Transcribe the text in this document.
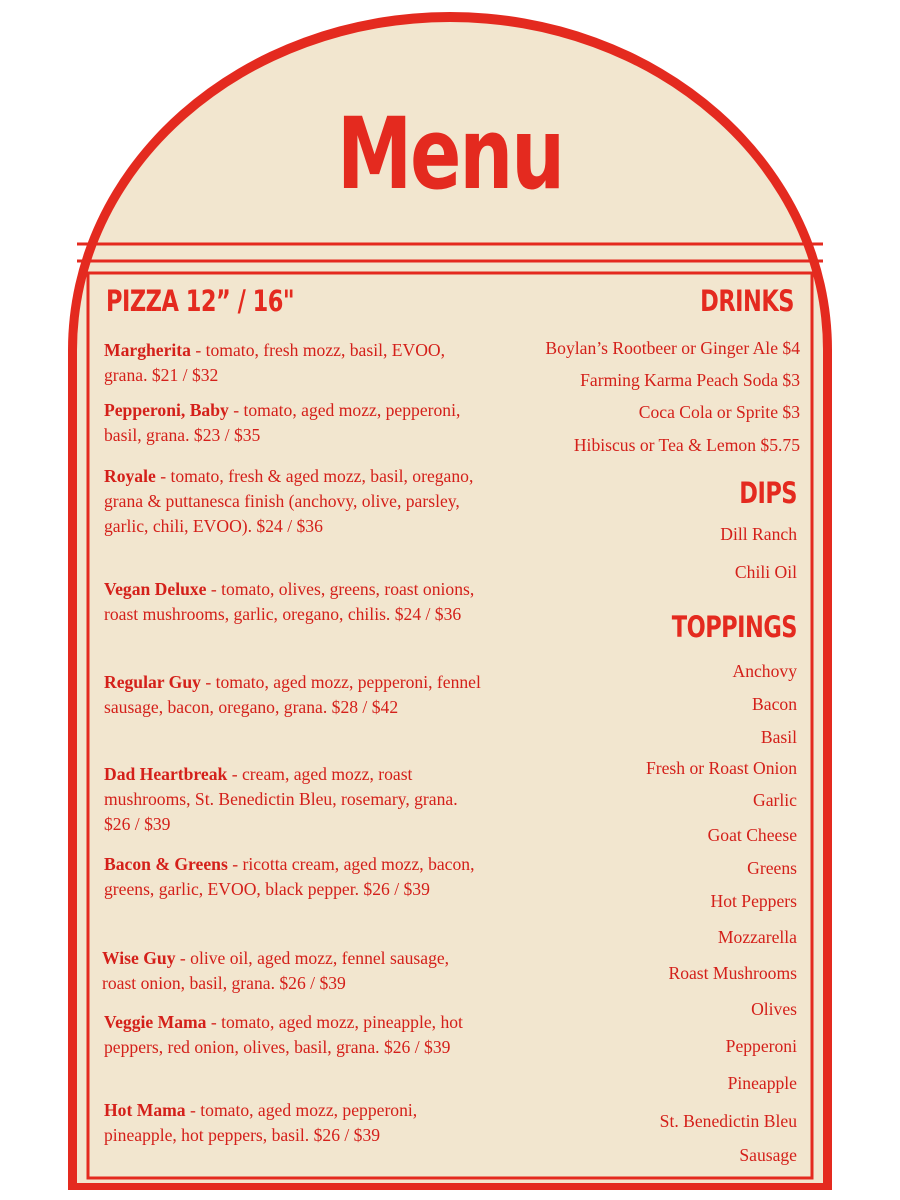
Menu
PIZZA 12” / 16"
Margherita - tomato, fresh mozz, basil, EVOO, grana. $21 / $32
Pepperoni, Baby - tomato, aged mozz, pepperoni, basil, grana. $23 / $35
Royale - tomato, fresh & aged mozz, basil, oregano, grana & puttanesca finish (anchovy, olive, parsley, garlic, chili, EVOO). $24 / $36
Vegan Deluxe - tomato, olives, greens, roast onions, roast mushrooms, garlic, oregano, chilis. $24 / $36
Regular Guy - tomato, aged mozz, pepperoni, fennel sausage, bacon, oregano, grana. $28 / $42
Dad Heartbreak - cream, aged mozz, roast mushrooms, St. Benedictin Bleu, rosemary, grana. $26 / $39
Bacon & Greens - ricotta cream, aged mozz, bacon, greens, garlic, EVOO, black pepper. $26 / $39
Wise Guy - olive oil, aged mozz, fennel sausage, roast onion, basil, grana. $26 / $39
Veggie Mama - tomato, aged mozz, pineapple, hot peppers, red onion, olives, basil, grana. $26 / $39
Hot Mama - tomato, aged mozz, pepperoni, pineapple, hot peppers, basil. $26 / $39
DRINKS
Boylan’s Rootbeer or Ginger Ale $4
Farming Karma Peach Soda $3
Coca Cola or Sprite $3
Hibiscus or Tea & Lemon $5.75
DIPS
Dill Ranch
Chili Oil
TOPPINGS
Anchovy
Bacon
Basil
Fresh or Roast Onion
Garlic
Goat Cheese
Greens
Hot Peppers
Mozzarella
Roast Mushrooms
Olives
Pepperoni
Pineapple
St. Benedictin Bleu
Sausage
